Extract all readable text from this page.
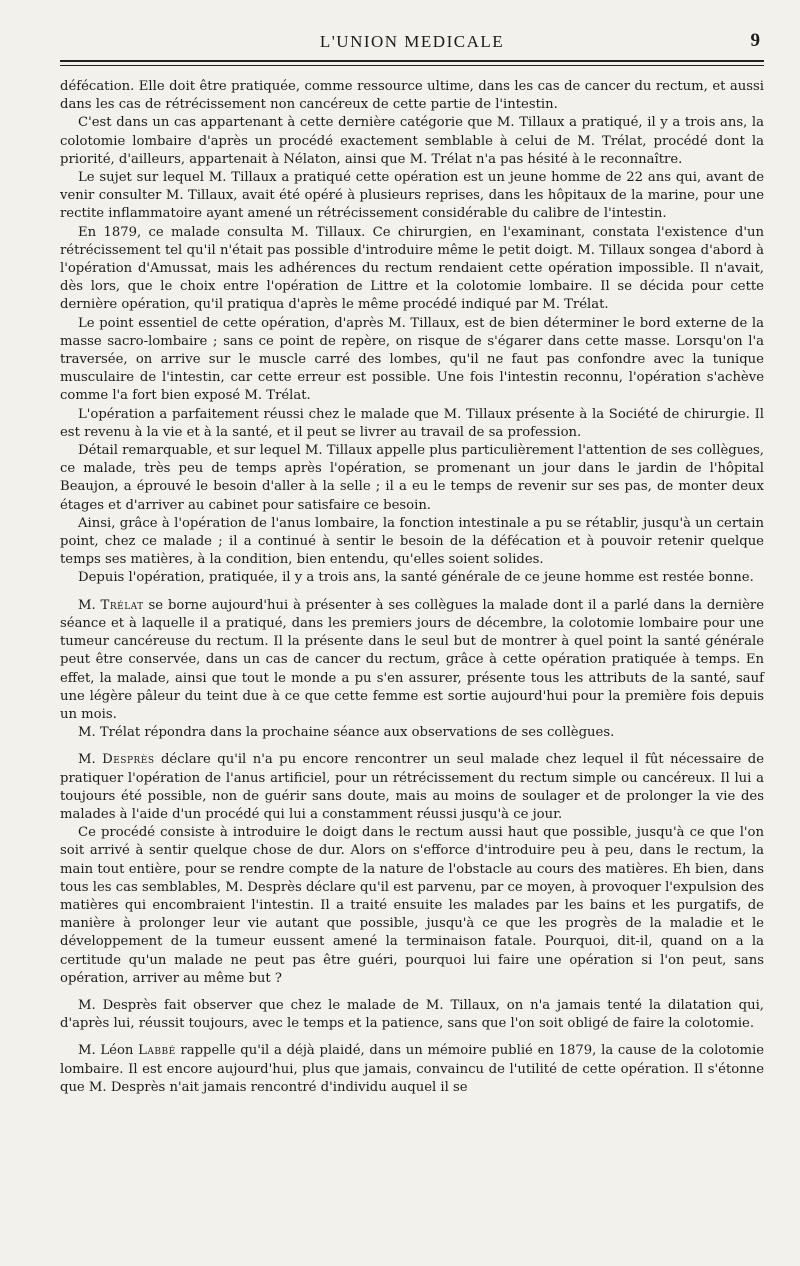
L'UNION MEDICALE	9

défécation. Elle doit être pratiquée, comme ressource ultime, dans les cas de cancer du rectum, et aussi dans les cas de rétrécissement non cancéreux de cette partie de l'intestin.

C'est dans un cas appartenant à cette dernière catégorie que M. Tillaux a pratiqué, il y a trois ans, la colotomie lombaire d'après un procédé exactement semblable à celui de M. Trélat, procédé dont la priorité, d'ailleurs, appartenait à Nélaton, ainsi que M. Trélat n'a pas hésité à le reconnaître.

Le sujet sur lequel M. Tillaux a pratiqué cette opération est un jeune homme de 22 ans qui, avant de venir consulter M. Tillaux, avait été opéré à plusieurs reprises, dans les hôpitaux de la marine, pour une rectite inflammatoire ayant amené un rétrécissement considérable du calibre de l'intestin.

En 1879, ce malade consulta M. Tillaux. Ce chirurgien, en l'examinant, constata l'existence d'un rétrécissement tel qu'il n'était pas possible d'introduire même le petit doigt. M. Tillaux songea d'abord à l'opération d'Amussat, mais les adhérences du rectum rendaient cette opération impossible. Il n'avait, dès lors, que le choix entre l'opération de Littre et la colotomie lombaire. Il se décida pour cette dernière opération, qu'il pratiqua d'après le même procédé indiqué par M. Trélat.

Le point essentiel de cette opération, d'après M. Tillaux, est de bien déterminer le bord externe de la masse sacro-lombaire ; sans ce point de repère, on risque de s'égarer dans cette masse. Lorsqu'on l'a traversée, on arrive sur le muscle carré des lombes, qu'il ne faut pas confondre avec la tunique musculaire de l'intestin, car cette erreur est possible. Une fois l'intestin reconnu, l'opération s'achève comme l'a fort bien exposé M. Trélat.

L'opération a parfaitement réussi chez le malade que M. Tillaux présente à la Société de chirurgie. Il est revenu à la vie et à la santé, et il peut se livrer au travail de sa profession.

Détail remarquable, et sur lequel M. Tillaux appelle plus particulièrement l'attention de ses collègues, ce malade, très peu de temps après l'opération, se promenant un jour dans le jardin de l'hôpital Beaujon, a éprouvé le besoin d'aller à la selle ; il a eu le temps de revenir sur ses pas, de monter deux étages et d'arriver au cabinet pour satisfaire ce besoin.

Ainsi, grâce à l'opération de l'anus lombaire, la fonction intestinale a pu se rétablir, jusqu'à un certain point, chez ce malade ; il a continué à sentir le besoin de la défécation et à pouvoir retenir quelque temps ses matières, à la condition, bien entendu, qu'elles soient solides.

Depuis l'opération, pratiquée, il y a trois ans, la santé générale de ce jeune homme est restée bonne.

M. Trélat se borne aujourd'hui à présenter à ses collègues la malade dont il a parlé dans la dernière séance et à laquelle il a pratiqué, dans les premiers jours de décembre, la colotomie lombaire pour une tumeur cancéreuse du rectum. Il la présente dans le seul but de montrer à quel point la santé générale peut être conservée, dans un cas de cancer du rectum, grâce à cette opération pratiquée à temps. En effet, la malade, ainsi que tout le monde a pu s'en assurer, présente tous les attributs de la santé, sauf une légère pâleur du teint due à ce que cette femme est sortie aujourd'hui pour la première fois depuis un mois.

M. Trélat répondra dans la prochaine séance aux observations de ses collègues.

M. Desprès déclare qu'il n'a pu encore rencontrer un seul malade chez lequel il fût nécessaire de pratiquer l'opération de l'anus artificiel, pour un rétrécissement du rectum simple ou cancéreux. Il lui a toujours été possible, non de guérir sans doute, mais au moins de soulager et de prolonger la vie des malades à l'aide d'un procédé qui lui a constamment réussi jusqu'à ce jour.

Ce procédé consiste à introduire le doigt dans le rectum aussi haut que possible, jusqu'à ce que l'on soit arrivé à sentir quelque chose de dur. Alors on s'efforce d'introduire peu à peu, dans le rectum, la main tout entière, pour se rendre compte de la nature de l'obstacle au cours des matières. Eh bien, dans tous les cas semblables, M. Desprès déclare qu'il est parvenu, par ce moyen, à provoquer l'expulsion des matières qui encombraient l'intestin. Il a traité ensuite les malades par les bains et les purgatifs, de manière à prolonger leur vie autant que possible, jusqu'à ce que les progrès de la maladie et le développement de la tumeur eussent amené la terminaison fatale. Pourquoi, dit-il, quand on a la certitude qu'un malade ne peut pas être guéri, pourquoi lui faire une opération si l'on peut, sans opération, arriver au même but ?

M. Desprès fait observer que chez le malade de M. Tillaux, on n'a jamais tenté la dilatation qui, d'après lui, réussit toujours, avec le temps et la patience, sans que l'on soit obligé de faire la colotomie.

M. Léon Labbé rappelle qu'il a déjà plaidé, dans un mémoire publié en 1879, la cause de la colotomie lombaire. Il est encore aujourd'hui, plus que jamais, convaincu de l'utilité de cette opération. Il s'étonne que M. Desprès n'ait jamais rencontré d'individu auquel il se
